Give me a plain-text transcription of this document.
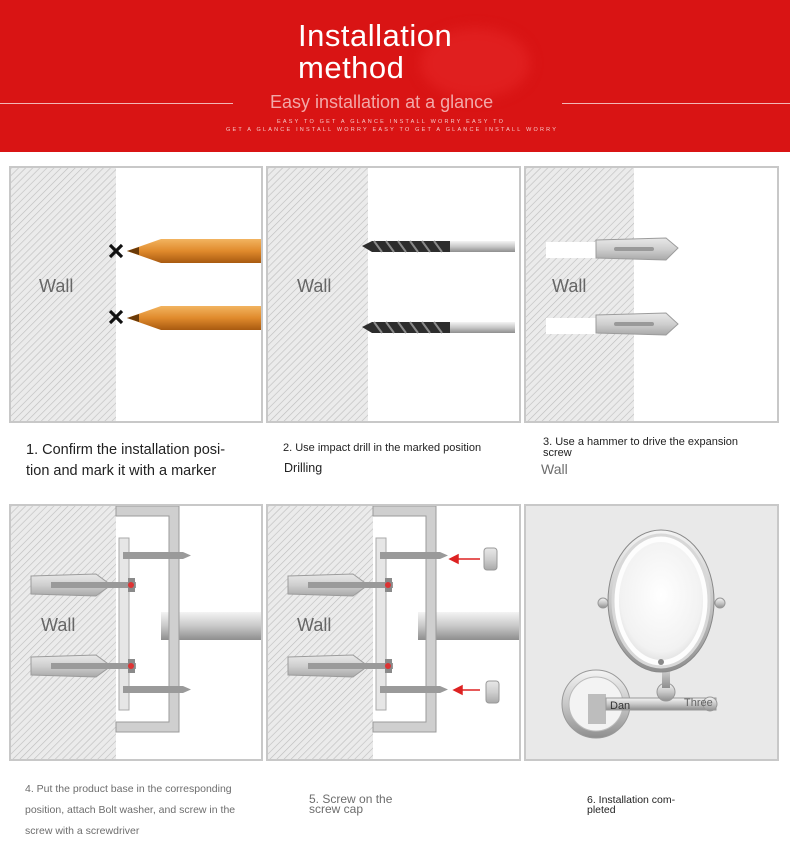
Installation
method
Easy installation at a glance
EASY TO GET A GLANCE INSTALL WORRY EASY TO
GET A GLANCE INSTALL WORRY EASY TO GET A GLANCE INSTALL WORRY
Wall	Wall	Wall
1. Confirm the installation posi-
tion and mark it with a marker
2. Use impact drill in the marked position
Drilling
3. Use a hammer to drive the expansion
screw
Wall
Wall	Wall
Dan	Three
4. Put the product base in the corresponding
position, attach Bolt washer, and screw in the
screw with a screwdriver
5. Screw on the
screw cap
6. Installation com-
pleted
